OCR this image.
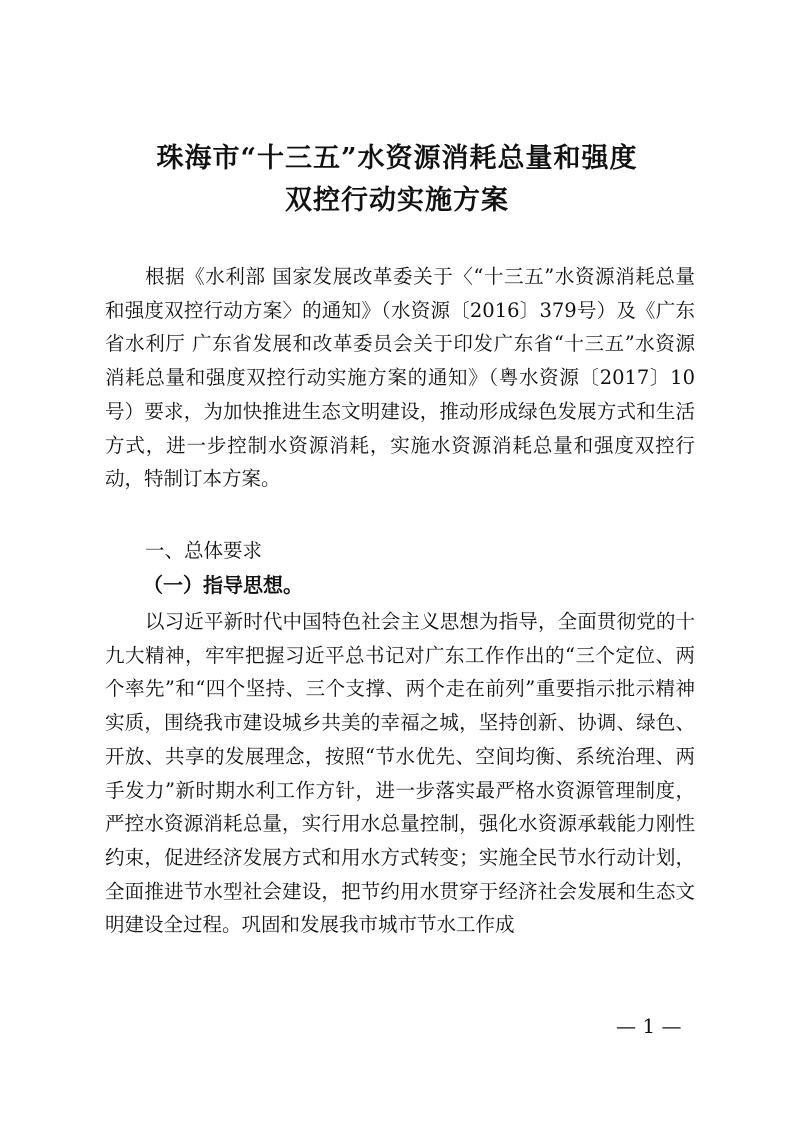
珠海市“十三五”水资源消耗总量和强度
双控行动实施方案

根据《水利部 国家发展改革委关于〈“十三五”水资源消耗总量和强度双控行动方案〉的通知》（水资源〔2016〕379号）及《广东省水利厅 广东省发展和改革委员会关于印发广东省“十三五”水资源消耗总量和强度双控行动实施方案的通知》（粤水资源〔2017〕10号）要求，为加快推进生态文明建设，推动形成绿色发展方式和生活方式，进一步控制水资源消耗，实施水资源消耗总量和强度双控行动，特制订本方案。

一、总体要求
（一）指导思想。

以习近平新时代中国特色社会主义思想为指导，全面贯彻党的十九大精神，牢牢把握习近平总书记对广东工作作出的“三个定位、两个率先”和“四个坚持、三个支撑、两个走在前列”重要指示批示精神实质，围绕我市建设城乡共美的幸福之城，坚持创新、协调、绿色、开放、共享的发展理念，按照“节水优先、空间均衡、系统治理、两手发力”新时期水利工作方针，进一步落实最严格水资源管理制度，严控水资源消耗总量，实行用水总量控制，强化水资源承载能力刚性约束，促进经济发展方式和用水方式转变；实施全民节水行动计划，全面推进节水型社会建设，把节约用水贯穿于经济社会发展和生态文明建设全过程。巩固和发展我市城市节水工作成

— 1 —
